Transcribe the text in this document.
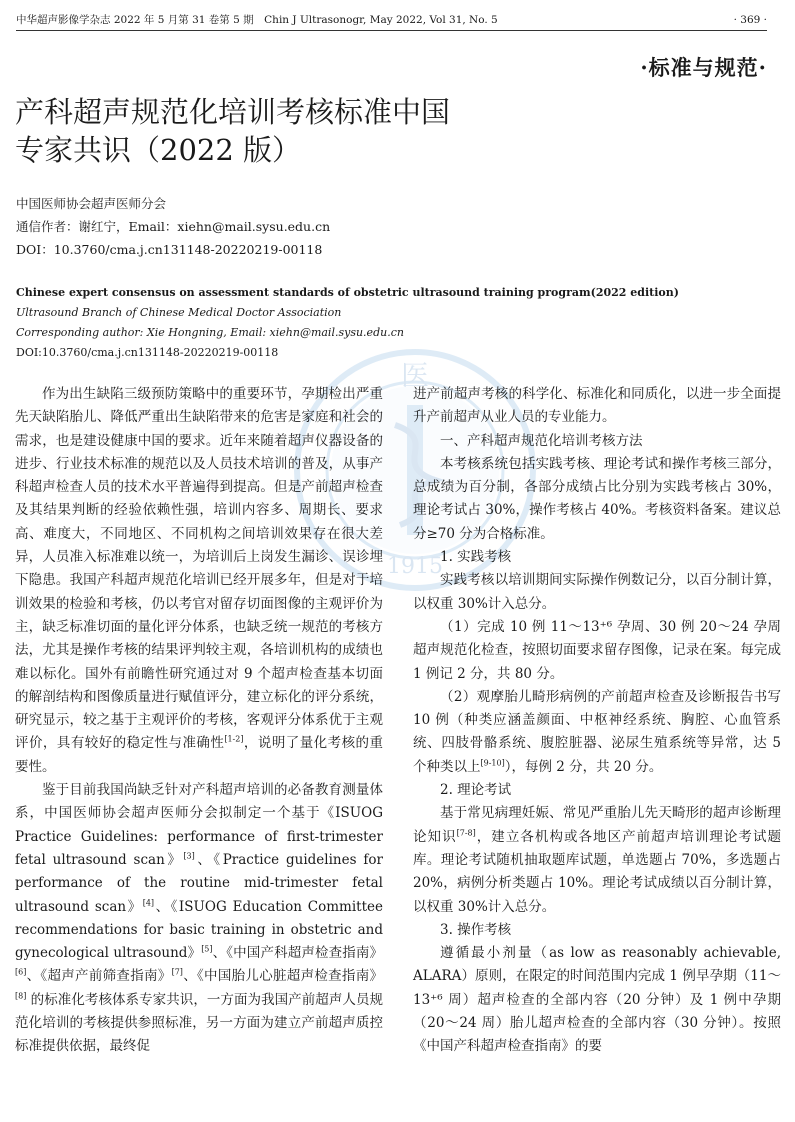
中华超声影像学杂志 2022 年 5 月第 31 卷第 5 期　Chin J Ultrasonogr, May 2022, Vol 31, No. 5	· 369 ·
·标准与规范·
产科超声规范化培训考核标准中国
专家共识（2022 版）
中国医师协会超声医师分会
通信作者：谢红宁，Email：xiehn@mail.sysu.edu.cn
DOI：10.3760/cma.j.cn131148-20220219-00118
Chinese expert consensus on assessment standards of obstetric ultrasound training program(2022 edition)
Ultrasound Branch of Chinese Medical Doctor Association
Corresponding author: Xie Hongning, Email: xiehn@mail.sysu.edu.cn
DOI:10.3760/cma.j.cn131148-20220219-00118
医
1915

作为出生缺陷三级预防策略中的重要环节，孕期检出严重先天缺陷胎儿、降低严重出生缺陷带来的危害是家庭和社会的需求，也是建设健康中国的要求。近年来随着超声仪器设备的进步、行业技术标准的规范以及人员技术培训的普及，从事产科超声检查人员的技术水平普遍得到提高。但是产前超声检查及其结果判断的经验依赖性强，培训内容多、周期长、要求高、难度大，不同地区、不同机构之间培训效果存在很大差异，人员准入标准难以统一，为培训后上岗发生漏诊、误诊埋下隐患。我国产科超声规范化培训已经开展多年，但是对于培训效果的检验和考核，仍以考官对留存切面图像的主观评价为主，缺乏标准切面的量化评分体系，也缺乏统一规范的考核方法，尤其是操作考核的结果评判较主观，各培训机构的成绩也难以标化。国外有前瞻性研究通过对 9 个超声检查基本切面的解剖结构和图像质量进行赋值评分，建立标化的评分系统，研究显示，较之基于主观评价的考核，客观评分体系优于主观评价，具有较好的稳定性与准确性[1-2]，说明了量化考核的重要性。

鉴于目前我国尚缺乏针对产科超声培训的必备教育测量体系，中国医师协会超声医师分会拟制定一个基于《ISUOG Practice Guidelines: performance of first-trimester fetal ultrasound scan》[3]、《Practice guidelines for performance of the routine mid-trimester fetal ultrasound scan》[4]、《ISUOG Education Committee recommendations for basic training in obstetric and gynecological ultrasound》[5]、《中国产科超声检查指南》[6]、《超声产前筛查指南》[7]、《中国胎儿心脏超声检查指南》[8] 的标准化考核体系专家共识，一方面为我国产前超声人员规范化培训的考核提供参照标准，另一方面为建立产前超声质控标准提供依据，最终促

进产前超声考核的科学化、标准化和同质化，以进一步全面提升产前超声从业人员的专业能力。

一、产科超声规范化培训考核方法

本考核系统包括实践考核、理论考试和操作考核三部分，总成绩为百分制，各部分成绩占比分别为实践考核占 30%，理论考试占 30%，操作考核占 40%。考核资料备案。建议总分≥70 分为合格标准。

1. 实践考核

实践考核以培训期间实际操作例数记分，以百分制计算，以权重 30%计入总分。

（1）完成 10 例 11～13⁺⁶ 孕周、30 例 20～24 孕周超声规范化检查，按照切面要求留存图像，记录在案。每完成 1 例记 2 分，共 80 分。

（2）观摩胎儿畸形病例的产前超声检查及诊断报告书写 10 例（种类应涵盖颜面、中枢神经系统、胸腔、心血管系统、四肢骨骼系统、腹腔脏器、泌尿生殖系统等异常，达 5 个种类以上[9-10]），每例 2 分，共 20 分。

2. 理论考试

基于常见病理妊娠、常见严重胎儿先天畸形的超声诊断理论知识[7-8]，建立各机构或各地区产前超声培训理论考试题库。理论考试随机抽取题库试题，单选题占 70%，多选题占 20%，病例分析类题占 10%。理论考试成绩以百分制计算，以权重 30%计入总分。

3. 操作考核

遵循最小剂量（as low as reasonably achievable, ALARA）原则，在限定的时间范围内完成 1 例早孕期（11～13⁺⁶ 周）超声检查的全部内容（20 分钟）及 1 例中孕期（20～24 周）胎儿超声检查的全部内容（30 分钟）。按照《中国产科超声检查指南》的要
